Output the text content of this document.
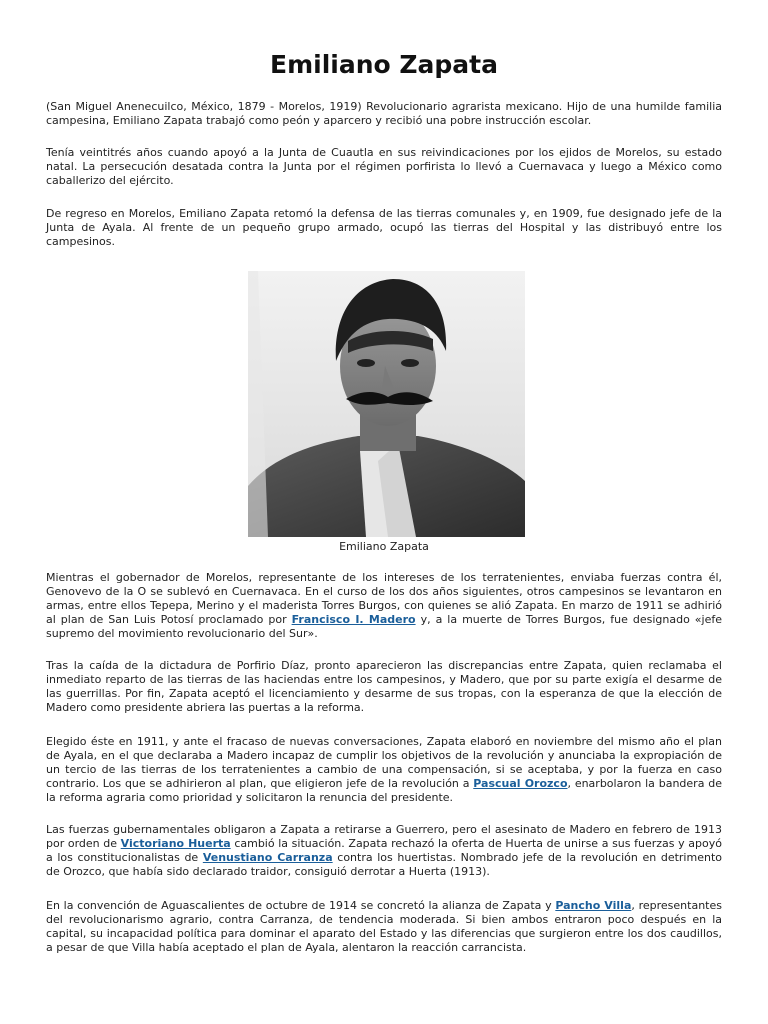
Emiliano Zapata

(San Miguel Anenecuilco, México, 1879 - Morelos, 1919) Revolucionario agrarista mexicano. Hijo de una humilde familia campesina, Emiliano Zapata trabajó como peón y aparcero y recibió una pobre instrucción escolar.

Tenía veintitrés años cuando apoyó a la Junta de Cuautla en sus reivindicaciones por los ejidos de Morelos, su estado natal. La persecución desatada contra la Junta por el régimen porfirista lo llevó a Cuernavaca y luego a México como caballerizo del ejército.

De regreso en Morelos, Emiliano Zapata retomó la defensa de las tierras comunales y, en 1909, fue designado jefe de la Junta de Ayala. Al frente de un pequeño grupo armado, ocupó las tierras del Hospital y las distribuyó entre los campesinos.

Emiliano Zapata

Mientras el gobernador de Morelos, representante de los intereses de los terratenientes, enviaba fuerzas contra él, Genovevo de la O se sublevó en Cuernavaca. En el curso de los dos años siguientes, otros campesinos se levantaron en armas, entre ellos Tepepa, Merino y el maderista Torres Burgos, con quienes se alió Zapata. En marzo de 1911 se adhirió al plan de San Luis Potosí proclamado por Francisco I. Madero y, a la muerte de Torres Burgos, fue designado «jefe supremo del movimiento revolucionario del Sur».

Tras la caída de la dictadura de Porfirio Díaz, pronto aparecieron las discrepancias entre Zapata, quien reclamaba el inmediato reparto de las tierras de las haciendas entre los campesinos, y Madero, que por su parte exigía el desarme de las guerrillas. Por fin, Zapata aceptó el licenciamiento y desarme de sus tropas, con la esperanza de que la elección de Madero como presidente abriera las puertas a la reforma.

Elegido éste en 1911, y ante el fracaso de nuevas conversaciones, Zapata elaboró en noviembre del mismo año el plan de Ayala, en el que declaraba a Madero incapaz de cumplir los objetivos de la revolución y anunciaba la expropiación de un tercio de las tierras de los terratenientes a cambio de una compensación, si se aceptaba, y por la fuerza en caso contrario. Los que se adhirieron al plan, que eligieron jefe de la revolución a Pascual Orozco, enarbolaron la bandera de la reforma agraria como prioridad y solicitaron la renuncia del presidente.

Las fuerzas gubernamentales obligaron a Zapata a retirarse a Guerrero, pero el asesinato de Madero en febrero de 1913 por orden de Victoriano Huerta cambió la situación. Zapata rechazó la oferta de Huerta de unirse a sus fuerzas y apoyó a los constitucionalistas de Venustiano Carranza contra los huertistas. Nombrado jefe de la revolución en detrimento de Orozco, que había sido declarado traidor, consiguió derrotar a Huerta (1913).

En la convención de Aguascalientes de octubre de 1914 se concretó la alianza de Zapata y Pancho Villa, representantes del revolucionarismo agrario, contra Carranza, de tendencia moderada. Si bien ambos entraron poco después en la capital, su incapacidad política para dominar el aparato del Estado y las diferencias que surgieron entre los dos caudillos, a pesar de que Villa había aceptado el plan de Ayala, alentaron la reacción carrancista.
